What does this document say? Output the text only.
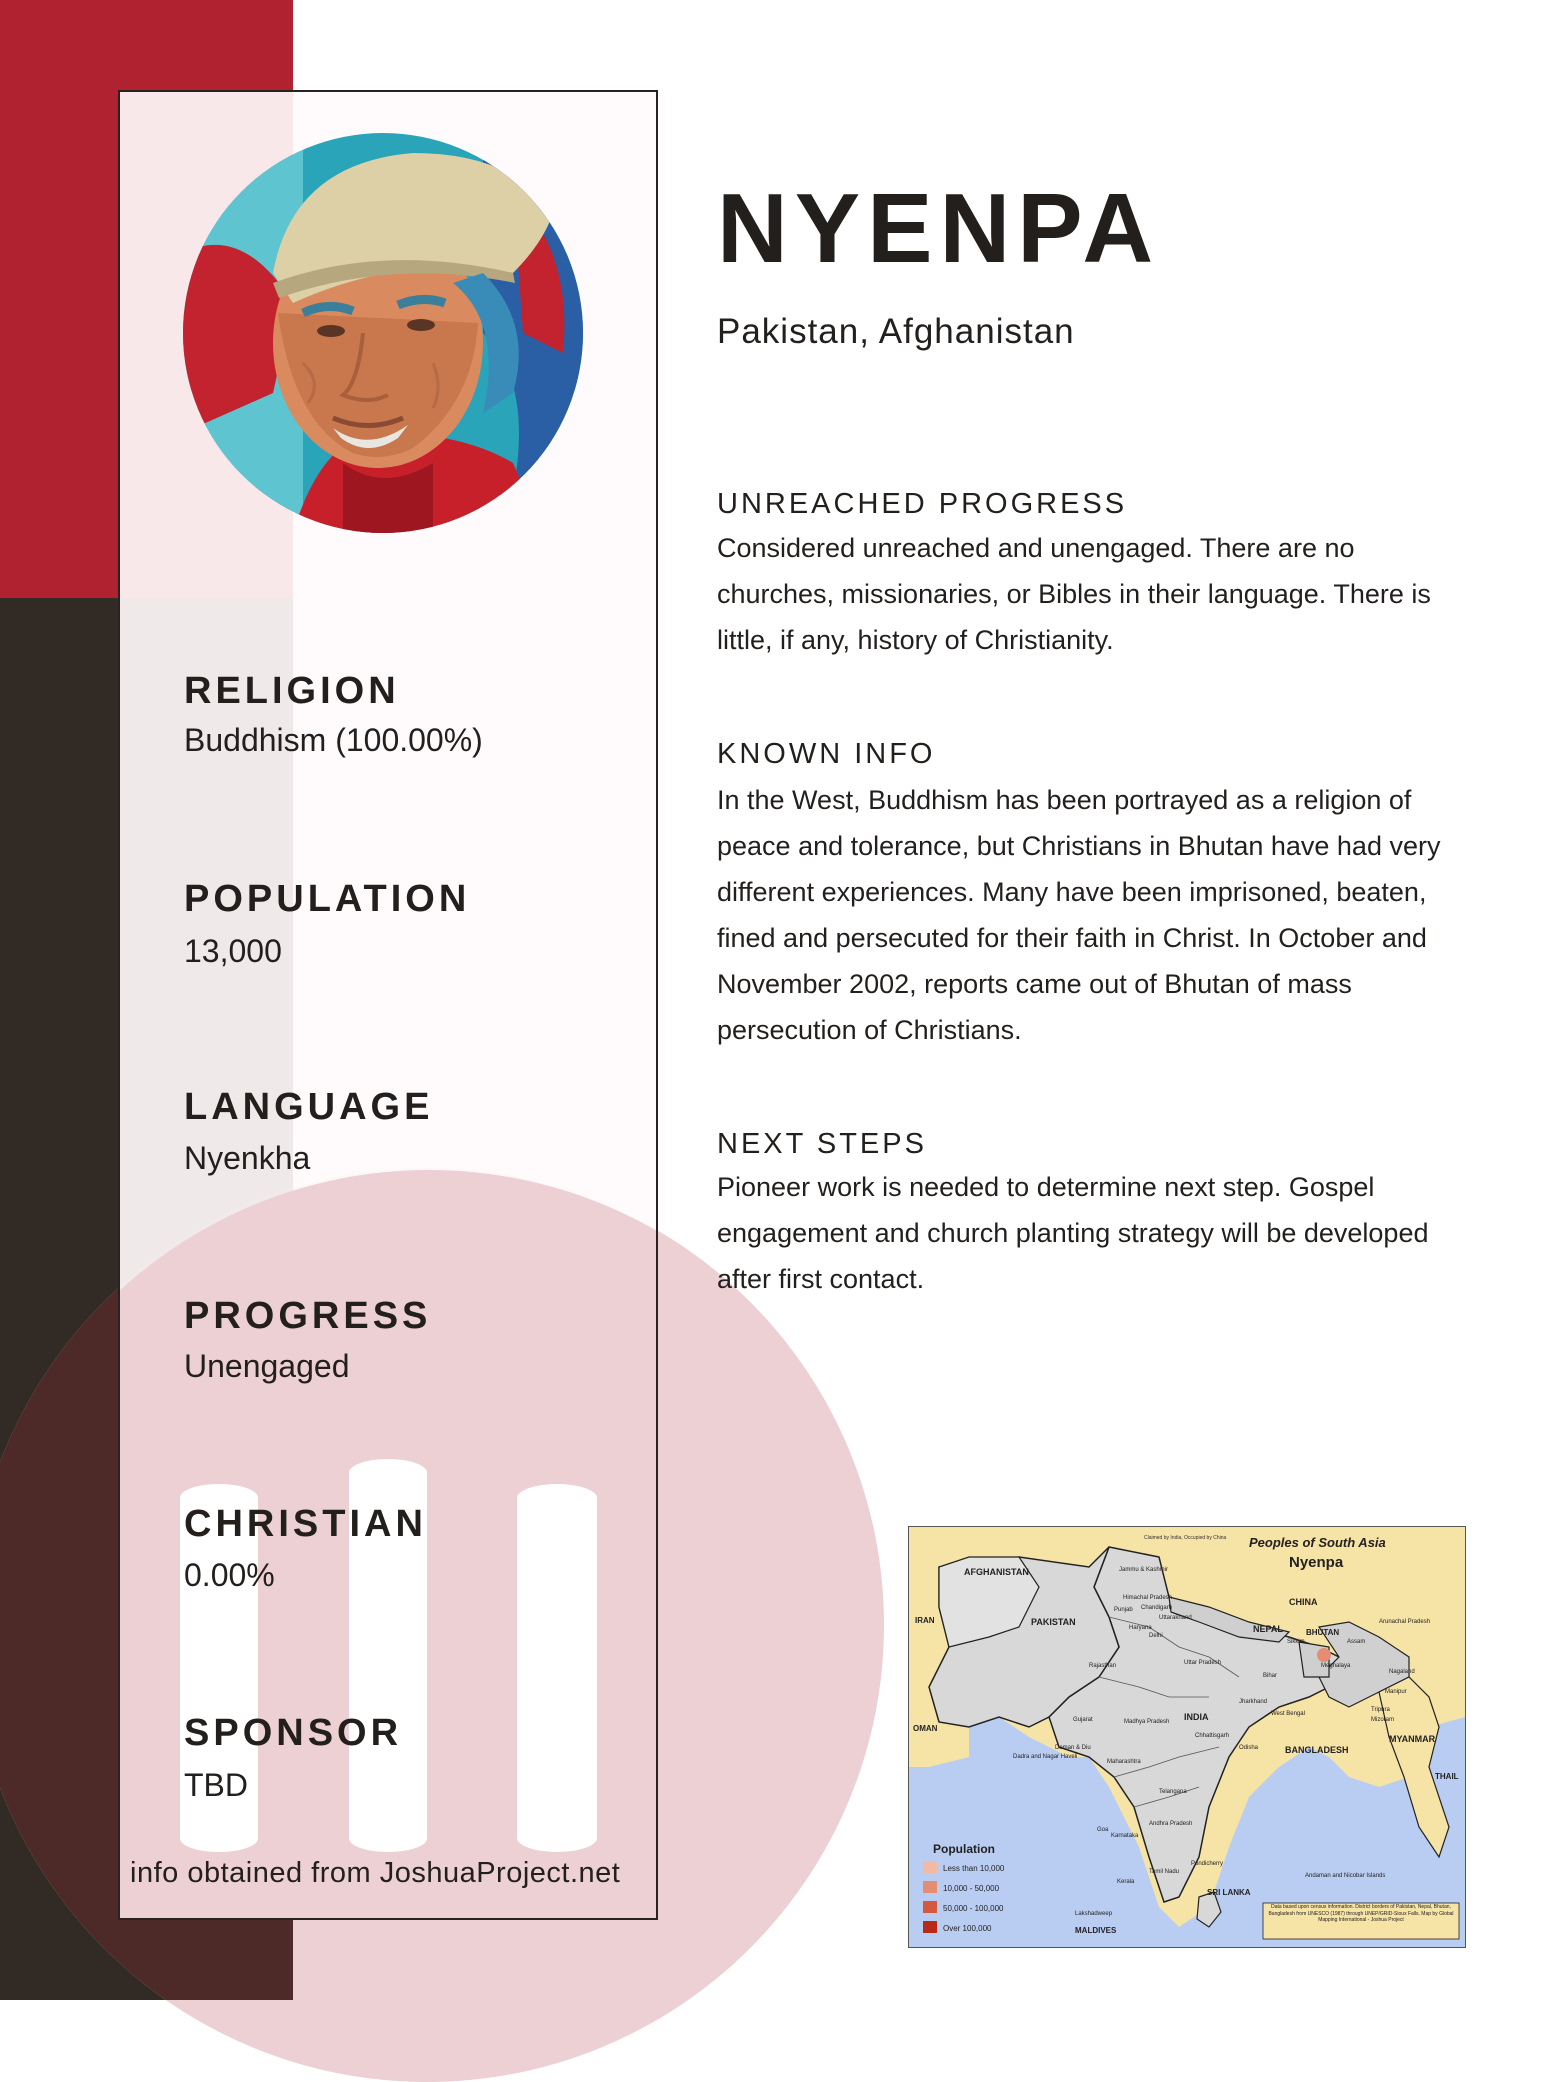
RELIGION
Buddhism (100.00%)
POPULATION
13,000
LANGUAGE
Nyenkha
PROGRESS
Unengaged
CHRISTIAN
0.00%
SPONSOR
TBD
info obtained from JoshuaProject.net
NYENPA
Pakistan, Afghanistan
UNREACHED PROGRESS
Considered unreached and unengaged. There are no churches, missionaries, or Bibles in their language. There is little, if any, history of Christianity.
KNOWN INFO
In the West, Buddhism has been portrayed as a religion of peace and tolerance, but Christians in Bhutan have had very different experiences. Many have been imprisoned, beaten, fined and persecuted for their faith in Christ. In October and November 2002, reports came out of Bhutan of mass persecution of Christians.
NEXT STEPS
Pioneer work is needed to determine next step. Gospel engagement and church planting strategy will be developed after first contact.
Peoples of South Asia
Nyenpa
Claimed by India, Occupied by China
AFGHANISTAN
IRAN	PAKISTAN
CHINA
NEPAL	BHUTAN
INDIA
BANGLADESH
MYANMAR
OMAN
SRI LANKA
MALDIVES
THAIL
Jammu & Kashmir
Himachal Pradesh
Punjab Chandigarh
Uttarakhand
Haryana
Delhi
Rajasthan	Uttar Pradesh
Sikkim	Assam
Arunachal Pradesh
Nagaland
Manipur
Meghalaya
Tripura
Mizoram
Bihar
Jharkhand
West Bengal
Gujarat	Madhya Pradesh
Chhattisgarh
Odisha
Daman & Diu
Dadra and Nagar Haveli
Maharashtra
Telangana
Andhra Pradesh
Goa
Karnataka
Pondicherry
Kerala
Tamil Nadu
Lakshadweep
Andaman and Nicobar Islands
Population
Less than 10,000
10,000 - 50,000
50,000 - 100,000
Over 100,000
Data based upon census information. District borders of Pakistan, Nepal, Bhutan, Bangladesh from UNESCO (1987) through UNEP/GRID-Sioux Falls. Map by Global Mapping International - Joshua Project
